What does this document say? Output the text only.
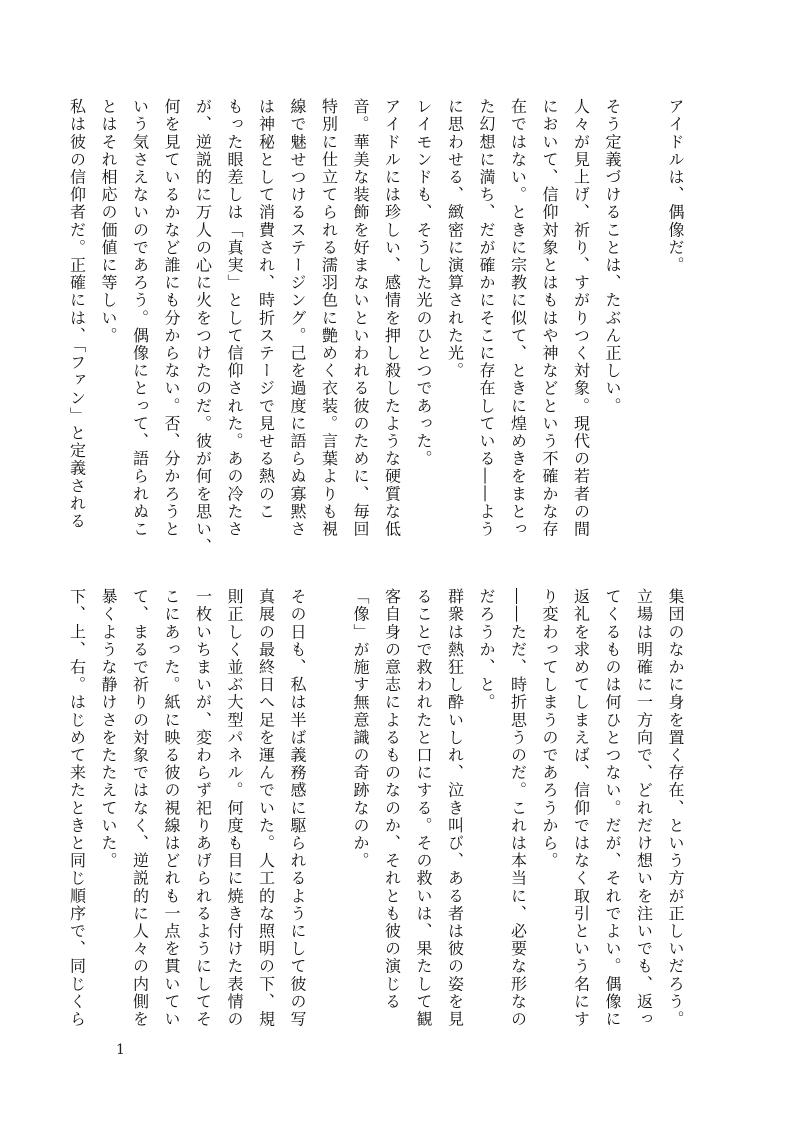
アイドルは、偶像だ。

そう定義づけることは、たぶん正しい。

人々が見上げ、祈り、すがりつく対象。現代の若者の間

において、信仰対象とはもはや神などという不確かな存

在ではない。ときに宗教に似て、ときに煌めきをまとっ

た幻想に満ち、だが確かにそこに存在している――よう

に思わせる、緻密に演算された光。

レイモンドも、そうした光のひとつであった。

アイドルには珍しい、感情を押し殺したような硬質な低

音。華美な装飾を好まないといわれる彼のために、毎回

特別に仕立てられる濡羽色に艶めく衣装。言葉よりも視

線で魅せつけるステージング。己を過度に語らぬ寡黙さ

は神秘として消費され、時折ステージで見せる熱のこ

もった眼差しは「真実」として信仰された。あの冷たさ

が、逆説的に万人の心に火をつけたのだ。彼が何を思い、

何を見ているかなど誰にも分からない。否、分かろうと

いう気さえないのであろう。偶像にとって、語られぬこ

とはそれ相応の価値に等しい。

私は彼の信仰者だ。正確には、「ファン」と定義される

集団のなかに身を置く存在、という方が正しいだろう。

立場は明確に一方向で、どれだけ想いを注いでも、返っ

てくるものは何ひとつない。だが、それでよい。偶像に

返礼を求めてしまえば、信仰ではなく取引という名にす

り変わってしまうのであろうから。

――ただ、時折思うのだ。これは本当に、必要な形なの

だろうか、と。

群衆は熱狂し酔いしれ、泣き叫び、ある者は彼の姿を見

ることで救われたと口にする。その救いは、果たして観

客自身の意志によるものなのか、それとも彼の演じる

「像」が施す無意識の奇跡なのか。

その日も、私は半ば義務感に駆られるようにして彼の写

真展の最終日へ足を運んでいた。人工的な照明の下、規

則正しく並ぶ大型パネル。何度も目に焼き付けた表情の

一枚いちまいが、変わらず祀りあげられるようにしてそ

こにあった。紙に映る彼の視線はどれも一点を貫いてい

て、まるで祈りの対象ではなく、逆説的に人々の内側を

暴くような静けさをたたえていた。

下、上、右。はじめて来たときと同じ順序で、同じくら

1
